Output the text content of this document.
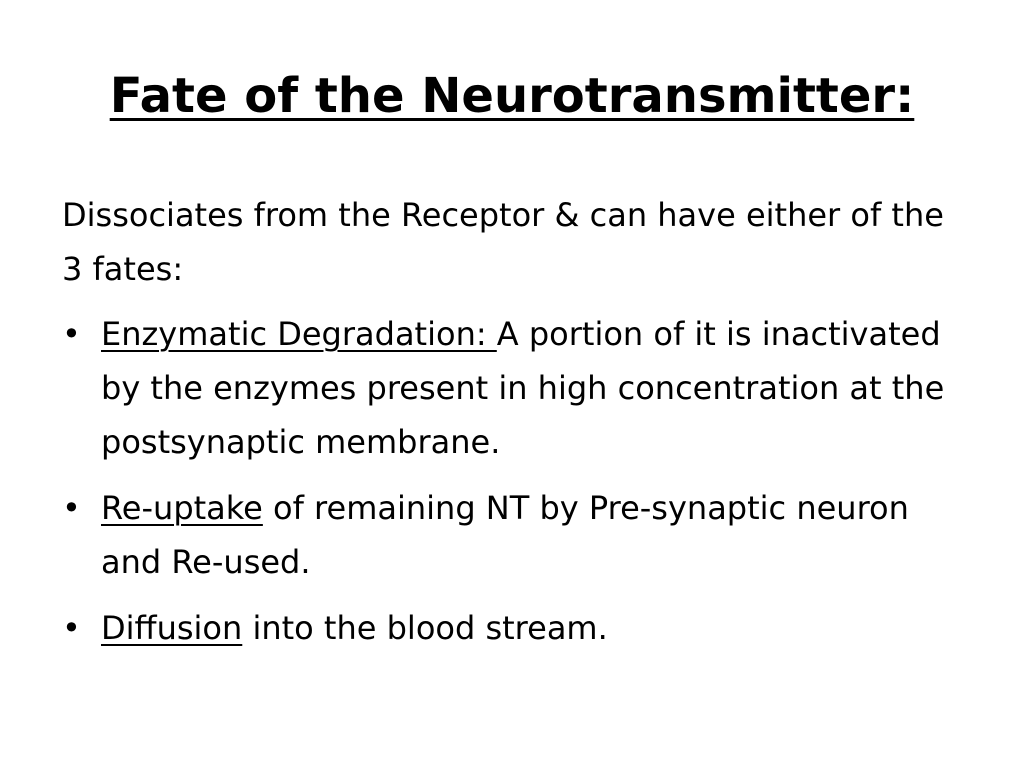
Fate of the Neurotransmitter:

Dissociates from the Receptor & can have either of the 3 fates:

• Enzymatic Degradation: A portion of it is inactivated by the enzymes present in high concentration at the postsynaptic membrane.
• Re-uptake of remaining NT by Pre-synaptic neuron and Re-used.
• Diffusion into the blood stream.
